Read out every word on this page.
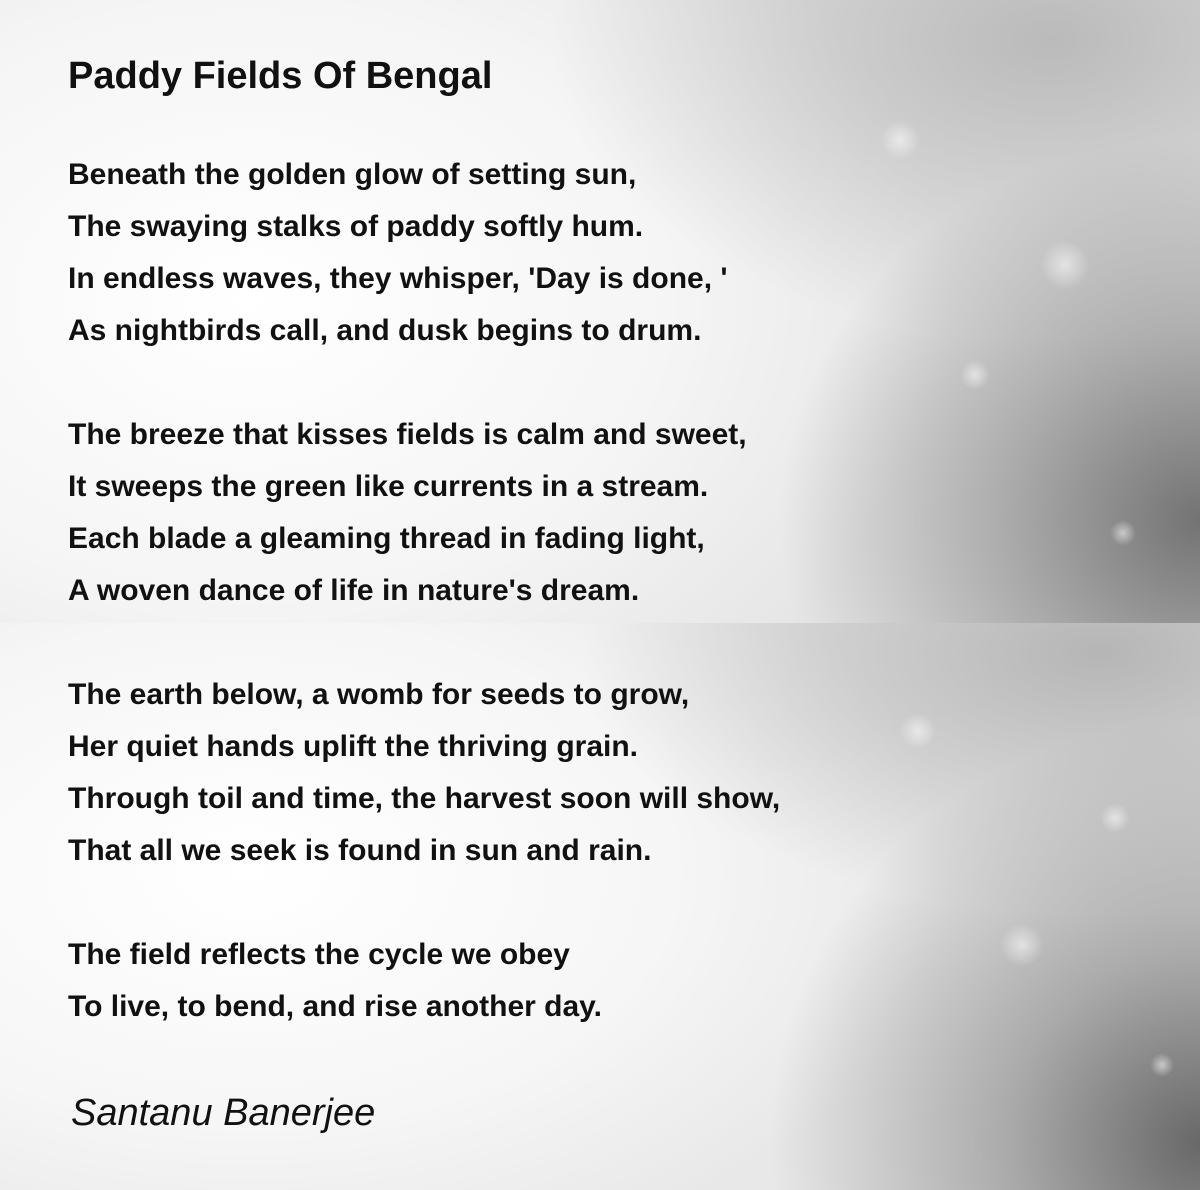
Paddy Fields Of Bengal

Beneath the golden glow of setting sun,

The swaying stalks of paddy softly hum.

In endless waves, they whisper, 'Day is done, '

As nightbirds call, and dusk begins to drum.

The breeze that kisses fields is calm and sweet,

It sweeps the green like currents in a stream.

Each blade a gleaming thread in fading light,

A woven dance of life in nature's dream.

The earth below, a womb for seeds to grow,

Her quiet hands uplift the thriving grain.

Through toil and time, the harvest soon will show,

That all we seek is found in sun and rain.

The field reflects the cycle we obey

To live, to bend, and rise another day.

Santanu Banerjee
